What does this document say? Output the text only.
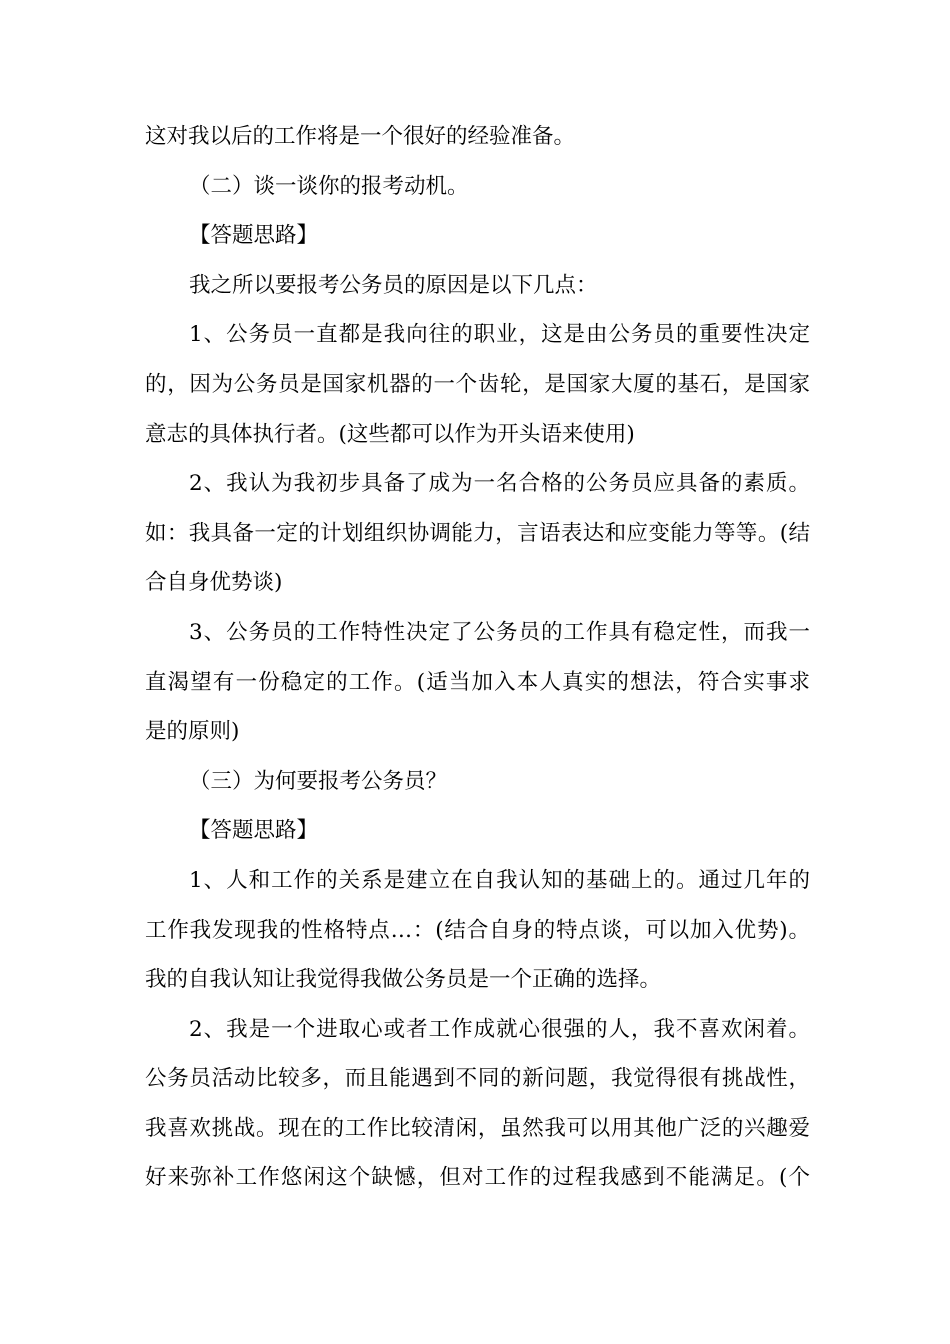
这对我以后的工作将是一个很好的经验准备。
（二）谈一谈你的报考动机。
【答题思路】
我之所以要报考公务员的原因是以下几点：
1、公务员一直都是我向往的职业，这是由公务员的重要性决定
的，因为公务员是国家机器的一个齿轮，是国家大厦的基石，是国家
意志的具体执行者。(这些都可以作为开头语来使用)
2、我认为我初步具备了成为一名合格的公务员应具备的素质。
如：我具备一定的计划组织协调能力，言语表达和应变能力等等。(结
合自身优势谈)
3、公务员的工作特性决定了公务员的工作具有稳定性，而我一
直渴望有一份稳定的工作。(适当加入本人真实的想法，符合实事求
是的原则)
（三）为何要报考公务员？
【答题思路】
1、人和工作的关系是建立在自我认知的基础上的。通过几年的
工作我发现我的性格特点…：(结合自身的特点谈，可以加入优势)。
我的自我认知让我觉得我做公务员是一个正确的选择。
2、我是一个进取心或者工作成就心很强的人，我不喜欢闲着。
公务员活动比较多，而且能遇到不同的新问题，我觉得很有挑战性，
我喜欢挑战。现在的工作比较清闲，虽然我可以用其他广泛的兴趣爱
好来弥补工作悠闲这个缺憾，但对工作的过程我感到不能满足。(个
